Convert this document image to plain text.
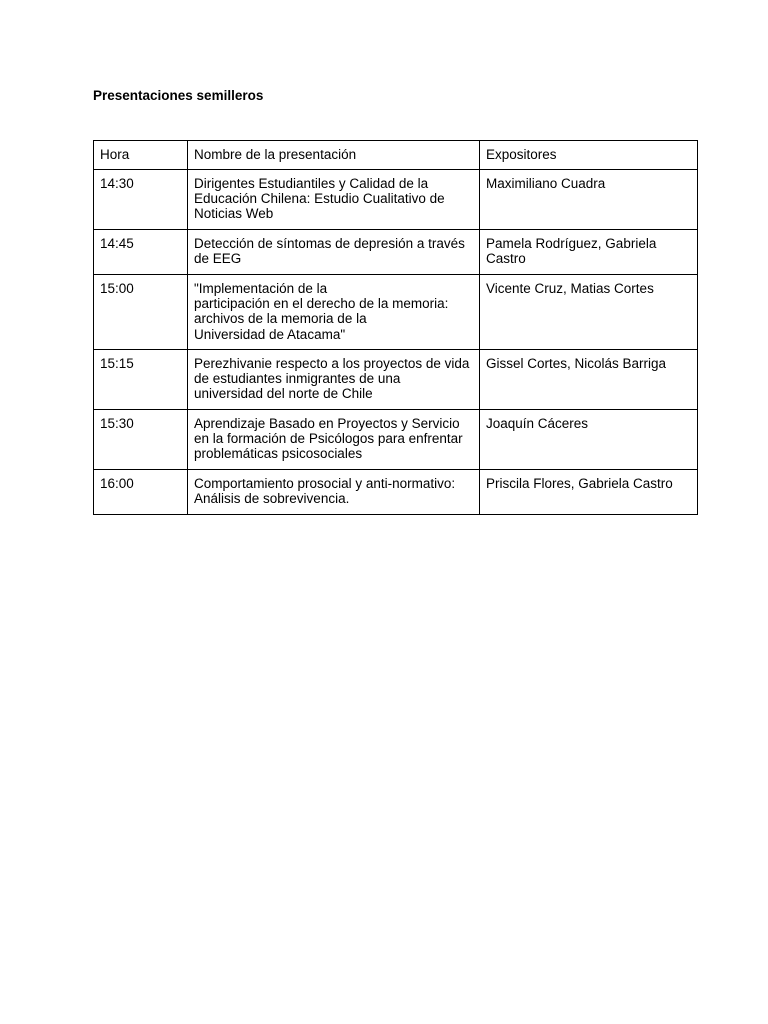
Presentaciones semilleros
Hora	Nombre de la presentación	Expositores
14:30	Dirigentes Estudiantiles y Calidad de la Educación Chilena: Estudio Cualitativo de Noticias Web	Maximiliano Cuadra
14:45	Detección de síntomas de depresión a través de EEG	Pamela Rodríguez, Gabriela Castro
15:00	"Implementación de la
participación en el derecho de la memoria:
archivos de la memoria de la
Universidad de Atacama"	Vicente Cruz, Matias Cortes
15:15	Perezhivanie respecto a los proyectos de vida de estudiantes inmigrantes de una universidad del norte de Chile	Gissel Cortes, Nicolás Barriga
15:30	Aprendizaje Basado en Proyectos y Servicio en la formación de Psicólogos para enfrentar problemáticas psicosociales	Joaquín Cáceres
16:00	Comportamiento prosocial y anti-normativo: Análisis de sobrevivencia.	Priscila Flores, Gabriela Castro
